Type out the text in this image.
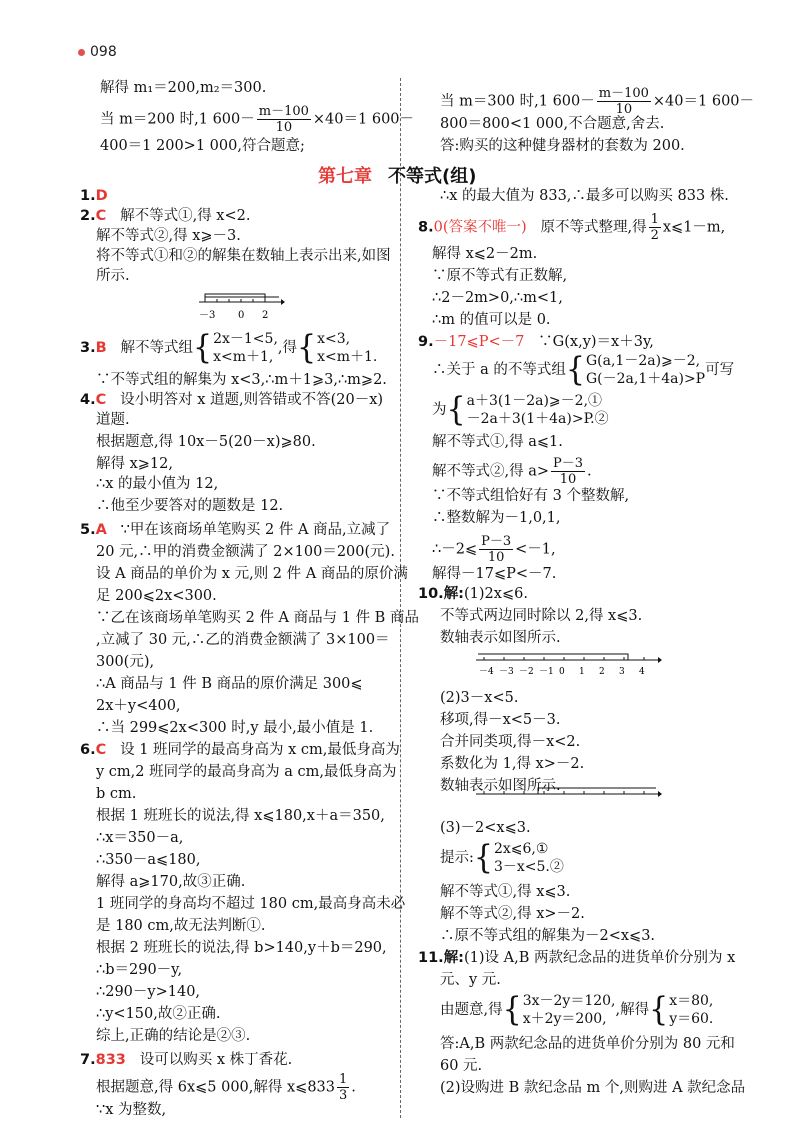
098
解得 m₁＝200,m₂＝300.
当 m＝200 时,1 $600- \frac{m-100}{10} \times 40=1$ 600－
400＝1 200>1 000,符合题意;
当 m＝300 时,1 $600- \frac{m-100}{10} \times 40=1$ 600－
800＝800<1 000,不合题意,舍去.
答:购买的这种健身器材的套数为 200.
第七章 不等式(组)
1.D
2.C 解不等式①,得 x<2.
解不等式②,得 x⩾－3.
将不等式①和②的解集在数轴上表示出来,如图
所示.
－3 0 2
3.B 解不等式组{2x－1<5,
x<m＋1,,得{x<3,
x<m＋1.
∵不等式组的解集为 x<3,∴m＋1⩾3,∴m⩾2.
4.C 设小明答对 x 道题,则答错或不答(20－x)
道题.
根据题意,得 10x－5(20－x)⩾80.
解得 x⩾12,
∴x 的最小值为 12,
∴他至少要答对的题数是 12.
5.A ∵甲在该商场单笔购买 2 件 A 商品,立减了
20 元,∴甲的消费金额满了 2×100＝200(元).
设 A 商品的单价为 x 元,则 2 件 A 商品的原价满
足 200⩽2x<300.
∵乙在该商场单笔购买 2 件 A 商品与 1 件 B 商品
,立减了 30 元,∴乙的消费金额满了 3×100＝
300(元),
∴A 商品与 1 件 B 商品的原价满足 300⩽
2x＋y<400,
∴当 299⩽2x<300 时,y 最小,最小值是 1.
6.C 设 1 班同学的最高身高为 x cm,最低身高为
y cm,2 班同学的最高身高为 a cm,最低身高为
b cm.
根据 1 班班长的说法,得 x⩽180,x＋a＝350,
∴x＝350－a,
∴350－a⩽180,
解得 a⩾170,故③正确.
1 班同学的身高均不超过 180 cm,最高身高未必
是 180 cm,故无法判断①.
根据 2 班班长的说法,得 b>140,y＋b＝290,
∴b＝290－y,
∴290－y>140,
∴y<150,故②正确.
综上,正确的结论是②③.
7.833 设可以购买 x 株丁香花.
根据题意,得 6x⩽5 000,解得 x⩽833 $\frac{1}{3}$ .
∵x 为整数,
∴x 的最大值为 833,∴最多可以购买 833 株.
8.0(答案不唯一) 原不等式整理,得 $\frac{1}{2}$ x⩽1－m,
解得 x⩽2－2m.
∵原不等式有正数解,
∴2－2m>0,∴m<1,
∴m 的值可以是 0.
9.－17⩽P<－7 ∵G(x,y)＝x＋3y,
∴关于 a 的不等式组{G(a,1－2a)⩾－2,
G(－2a,1＋4a)>P可写
为{a＋3(1－2a)⩾－2,①
－2a＋3(1＋4a)>P.②
解不等式①,得 a⩽1.
解不等式②,得 $a> \frac{P-3}{10}$ .
∵不等式组恰好有 3 个整数解,
∴整数解为－1,0,1,
∴－2⩽ $\frac{P-3}{10} <-1$,
解得－17⩽P<－7.
10.解:(1)2x⩽6.
不等式两边同时除以 2,得 x⩽3.
数轴表示如图所示.
－4 －3 －2 －1 0 1 2 3 4
(2)3－x<5.
移项,得－x<5－3.
合并同类项,得－x<2.
系数化为 1,得 x>－2.
数轴表示如图所示.
(3)－2<x⩽3.
提示:{2x⩽6,①
3－x<5.②
解不等式①,得 x⩽3.
解不等式②,得 x>－2.
∴原不等式组的解集为－2<x⩽3.
11.解:(1)设 A,B 两款纪念品的进货单价分别为 x
元、y 元.
由题意,得{3x－2y＝120,
x＋2y＝200,,解得{x＝80,
y＝60.
答:A,B 两款纪念品的进货单价分别为 80 元和
60 元.
(2)设购进 B 款纪念品 m 个,则购进 A 款纪念品
